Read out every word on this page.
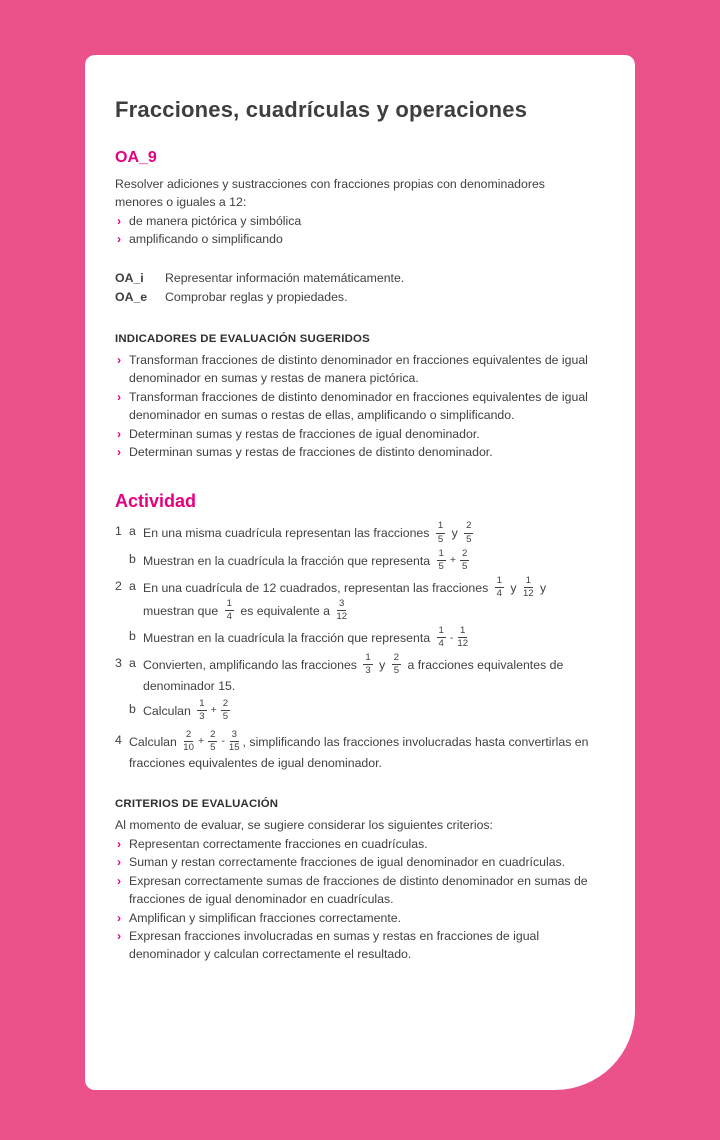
Fracciones, cuadrículas y operaciones
OA_9
Resolver adiciones y sustracciones con fracciones propias con denominadores menores o iguales a 12:
› de manera pictórica y simbólica
› amplificando o simplificando
OA_i	Representar información matemáticamente.
OA_e	Comprobar reglas y propiedades.
INDICADORES DE EVALUACIÓN SUGERIDOS
› Transforman fracciones de distinto denominador en fracciones equivalentes de igual denominador en sumas y restas de manera pictórica.
› Transforman fracciones de distinto denominador en fracciones equivalentes de igual denominador en sumas o restas de ellas, amplificando o simplificando.
› Determinan sumas y restas de fracciones de igual denominador.
› Determinan sumas y restas de fracciones de distinto denominador.
Actividad
1 a En una misma cuadrícula representan las fracciones $\frac{1}{5}$ y $\frac{2}{5}$
b Muestran en la cuadrícula la fracción que representa $\frac{1}{5} + \frac{2}{5}$
2 a En una cuadrícula de 12 cuadrados, representan las fracciones $\frac{1}{4}$ y $\frac{1}{12}$ y muestran que $\frac{1}{4}$ es equivalente a $\frac{3}{12}$
b Muestran en la cuadrícula la fracción que representa $\frac{1}{4} - \frac{1}{12}$
3 a Convierten, amplificando las fracciones $\frac{1}{3}$ y $\frac{2}{5}$ a fracciones equivalentes de denominador 15.
b Calculan $\frac{1}{3} + \frac{2}{5}$
4 Calculan $\frac{2}{10} + \frac{2}{5} - \frac{3}{15}$ , simplificando las fracciones involucradas hasta convertirlas en fracciones equivalentes de igual denominador.
CRITERIOS DE EVALUACIÓN
Al momento de evaluar, se sugiere considerar los siguientes criterios:
› Representan correctamente fracciones en cuadrículas.
› Suman y restan correctamente fracciones de igual denominador en cuadrículas.
› Expresan correctamente sumas de fracciones de distinto denominador en sumas de fracciones de igual denominador en cuadrículas.
› Amplifican y simplifican fracciones correctamente.
› Expresan fracciones involucradas en sumas y restas en fracciones de igual denominador y calculan correctamente el resultado.
